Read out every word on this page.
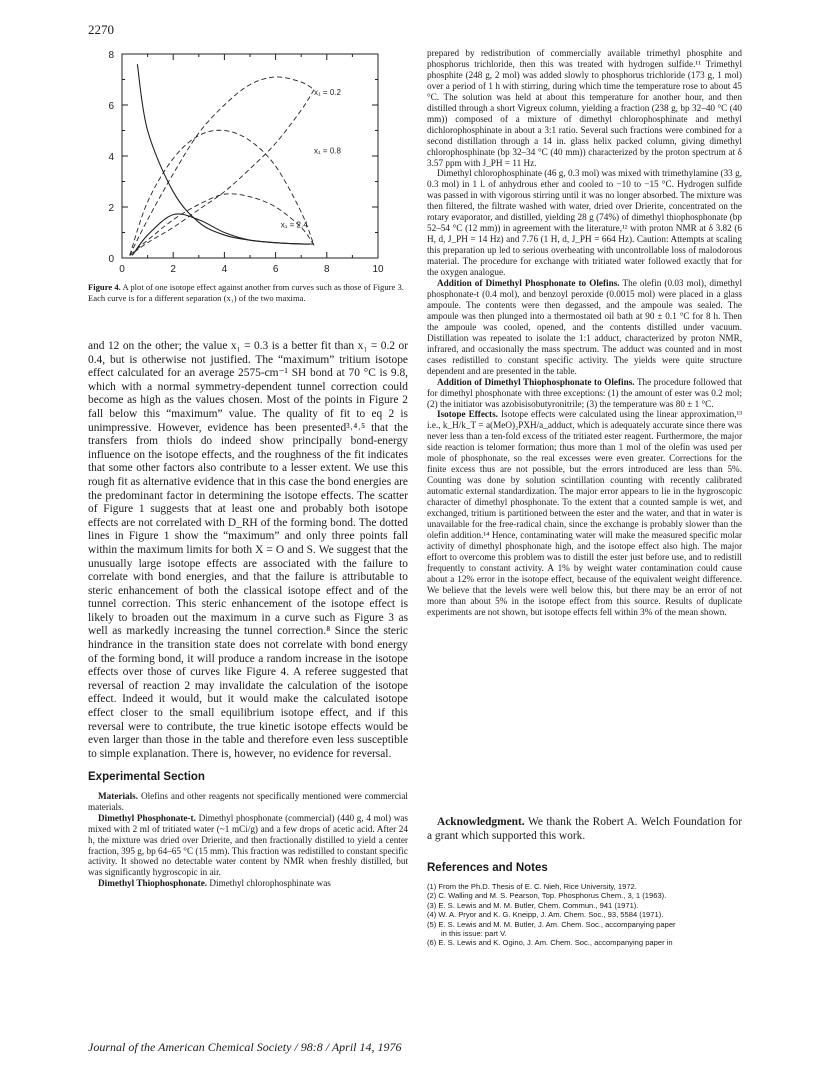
2270
0	2	4	6	8	10
0
2
4
6
8
x₁ = 0.2
x₁ = 0.8
x₁ = 2.4
Figure 4. A plot of one isotope effect against another from curves such as those of Figure 3. Each curve is for a different separation (x₁) of the two maxima.

and 12 on the other; the value x₁ = 0.3 is a better fit than x₁ = 0.2 or 0.4, but is otherwise not justified. The “maximum” tritium isotope effect calculated for an average 2575-cm⁻¹ SH bond at 70 °C is 9.8, which with a normal symmetry-dependent tunnel correction could become as high as the values chosen. Most of the points in Figure 2 fall below this “maximum” value. The quality of fit to eq 2 is unimpressive. However, evidence has been presented³˒⁴˒⁵ that the transfers from thiols do indeed show principally bond-energy influence on the isotope effects, and the roughness of the fit indicates that some other factors also contribute to a lesser extent. We use this rough fit as alternative evidence that in this case the bond energies are the predominant factor in determining the isotope effects. The scatter of Figure 1 suggests that at least one and probably both isotope effects are not correlated with D_RH of the forming bond. The dotted lines in Figure 1 show the “maximum” and only three points fall within the maximum limits for both X = O and S. We suggest that the unusually large isotope effects are associated with the failure to correlate with bond energies, and that the failure is attributable to steric enhancement of both the classical isotope effect and of the tunnel correction. This steric enhancement of the isotope effect is likely to broaden out the maximum in a curve such as Figure 3 as well as markedly increasing the tunnel correction.⁸ Since the steric hindrance in the transition state does not correlate with bond energy of the forming bond, it will produce a random increase in the isotope effects over those of curves like Figure 4. A referee suggested that reversal of reaction 2 may invalidate the calculation of the isotope effect. Indeed it would, but it would make the calculated isotope effect closer to the small equilibrium isotope effect, and if this reversal were to contribute, the true kinetic isotope effects would be even larger than those in the table and therefore even less susceptible to simple explanation. There is, however, no evidence for reversal.

Experimental Section

Materials. Olefins and other reagents not specifically mentioned were commercial materials.

Dimethyl Phosphonate-t. Dimethyl phosphonate (commercial) (440 g, 4 mol) was mixed with 2 ml of tritiated water (~1 mCi/g) and a few drops of acetic acid. After 24 h, the mixture was dried over Drierite, and then fractionally distilled to yield a center fraction, 395 g, bp 64–65 °C (15 mm). This fraction was redistilled to constant specific activity. It showed no detectable water content by NMR when freshly distilled, but was significantly hygroscopic in air.

Dimethyl Thiophosphonate. Dimethyl chlorophosphinate was

prepared by redistribution of commercially available trimethyl phosphite and phosphorus trichloride, then this was treated with hydrogen sulfide.¹¹ Trimethyl phosphite (248 g, 2 mol) was added slowly to phosphorus trichloride (173 g, 1 mol) over a period of 1 h with stirring, during which time the temperature rose to about 45 °C. The solution was held at about this temperature for another hour, and then distilled through a short Vigreux column, yielding a fraction (238 g, bp 32–40 °C (40 mm)) composed of a mixture of dimethyl chlorophosphinate and methyl dichlorophosphinate in about a 3:1 ratio. Several such fractions were combined for a second distillation through a 14 in. glass helix packed column, giving dimethyl chlorophosphinate (bp 32–34 °C (40 mm)) characterized by the proton spectrum at δ 3.57 ppm with J_PH = 11 Hz.

Dimethyl chlorophosphinate (46 g, 0.3 mol) was mixed with trimethylamine (33 g, 0.3 mol) in 1 l. of anhydrous ether and cooled to −10 to −15 °C. Hydrogen sulfide was passed in with vigorous stirring until it was no longer absorbed. The mixture was then filtered, the filtrate washed with water, dried over Drierite, concentrated on the rotary evaporator, and distilled, yielding 28 g (74%) of dimethyl thiophosphonate (bp 52–54 °C (12 mm)) in agreement with the literature,¹² with proton NMR at δ 3.82 (6 H, d, J_PH = 14 Hz) and 7.76 (1 H, d, J_PH = 664 Hz). Caution: Attempts at scaling this preparation up led to serious overheating with uncontrollable loss of malodorous material. The procedure for exchange with tritiated water followed exactly that for the oxygen analogue.

Addition of Dimethyl Phosphonate to Olefins. The olefin (0.03 mol), dimethyl phosphonate-t (0.4 mol), and benzoyl peroxide (0.0015 mol) were placed in a glass ampoule. The contents were then degassed, and the ampoule was sealed. The ampoule was then plunged into a thermostated oil bath at 90 ± 0.1 °C for 8 h. Then the ampoule was cooled, opened, and the contents distilled under vacuum. Distillation was repeated to isolate the 1:1 adduct, characterized by proton NMR, infrared, and occasionally the mass spectrum. The adduct was counted and in most cases redistilled to constant specific activity. The yields were quite structure dependent and are presented in the table.

Addition of Dimethyl Thiophosphonate to Olefins. The procedure followed that for dimethyl phosphonate with three exceptions: (1) the amount of ester was 0.2 mol; (2) the initiator was azobisisobutyronitrile; (3) the temperature was 80 ± 1 °C.

Isotope Effects. Isotope effects were calculated using the linear approximation,¹³ i.e., k_H/k_T = a(MeO)₂PXH/a_adduct, which is adequately accurate since there was never less than a ten-fold excess of the tritiated ester reagent. Furthermore, the major side reaction is telomer formation; thus more than 1 mol of the olefin was used per mole of phosphonate, so the real excesses were even greater. Corrections for the finite excess thus are not possible, but the errors introduced are less than 5%. Counting was done by solution scintillation counting with recently calibrated automatic external standardization. The major error appears to lie in the hygroscopic character of dimethyl phosphonate. To the extent that a counted sample is wet, and exchanged, tritium is partitioned between the ester and the water, and that in water is unavailable for the free-radical chain, since the exchange is probably slower than the olefin addition.¹⁴ Hence, contaminating water will make the measured specific molar activity of dimethyl phosphonate high, and the isotope effect also high. The major effort to overcome this problem was to distill the ester just before use, and to redistill frequently to constant activity. A 1% by weight water contamination could cause about a 12% error in the isotope effect, because of the equivalent weight difference. We believe that the levels were well below this, but there may be an error of not more than about 5% in the isotope effect from this source. Results of duplicate experiments are not shown, but isotope effects fell within 3% of the mean shown.

Acknowledgment. We thank the Robert A. Welch Foundation for a grant which supported this work.
References and Notes
(1) From the Ph.D. Thesis of E. C. Nieh, Rice University, 1972.
(2) C. Walling and M. S. Pearson, Top. Phosphorus Chem., 3, 1 (1963).
(3) E. S. Lewis and M. M. Butler, Chem. Commun., 941 (1971).
(4) W. A. Pryor and K. G. Kneipp, J. Am. Chem. Soc., 93, 5584 (1971).
(5) E. S. Lewis and M. M. Butler, J. Am. Chem. Soc., accompanying paper
in this issue: part V.
(6) E. S. Lewis and K. Ogino, J. Am. Chem. Soc., accompanying paper in
Journal of the American Chemical Society / 98:8 / April 14, 1976
